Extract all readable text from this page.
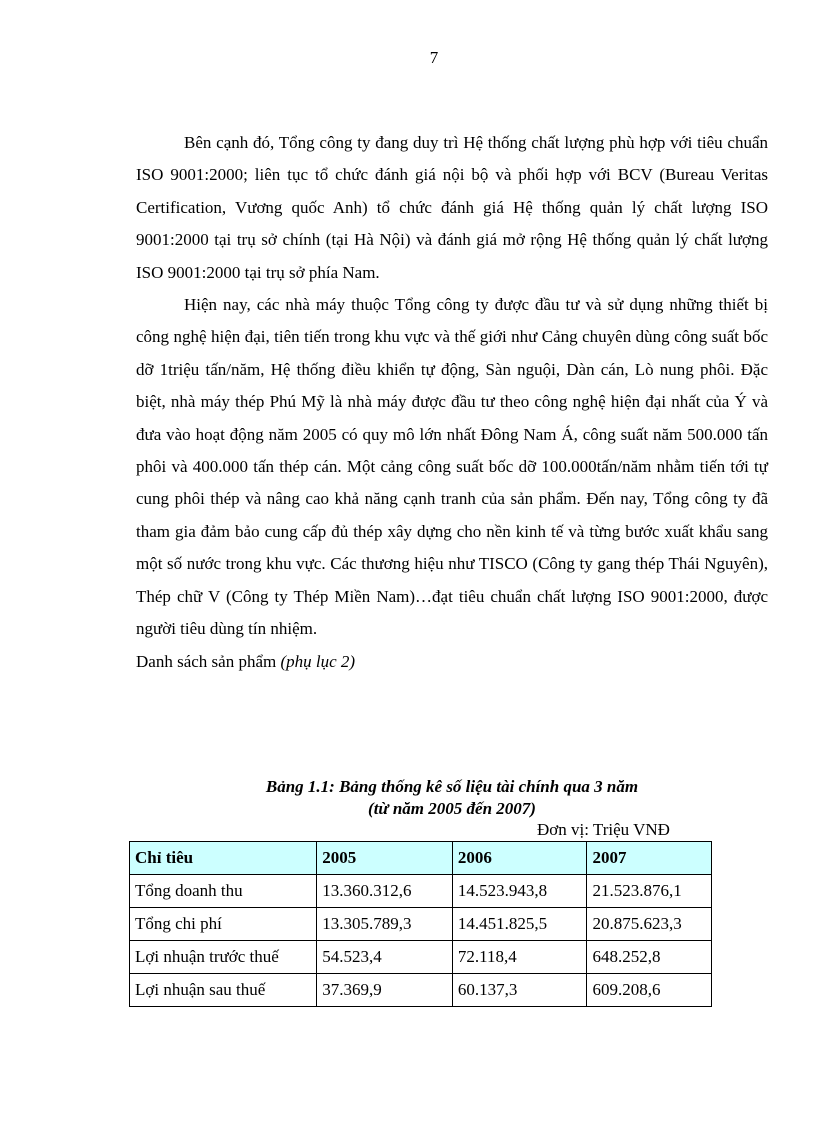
7

Bên cạnh đó, Tổng công ty đang duy trì Hệ thống chất lượng phù hợp với tiêu chuẩn ISO 9001:2000; liên tục tổ chức đánh giá nội bộ và phối hợp với BCV (Bureau Veritas Certification, Vương quốc Anh) tổ chức đánh giá Hệ thống quản lý chất lượng ISO 9001:2000 tại trụ sở chính (tại Hà Nội) và đánh giá mở rộng Hệ thống quản lý chất lượng ISO 9001:2000 tại trụ sở phía Nam.

Hiện nay, các nhà máy thuộc Tổng công ty được đầu tư và sử dụng những thiết bị công nghệ hiện đại, tiên tiến trong khu vực và thế giới như Cảng chuyên dùng công suất bốc dỡ 1triệu tấn/năm, Hệ thống điều khiển tự động, Sàn nguội, Dàn cán, Lò nung phôi. Đặc biệt, nhà máy thép Phú Mỹ là nhà máy được đầu tư theo công nghệ hiện đại nhất của Ý và đưa vào hoạt động năm 2005 có quy mô lớn nhất Đông Nam Á, công suất năm 500.000 tấn phôi và 400.000 tấn thép cán. Một cảng công suất bốc dỡ 100.000tấn/năm nhằm tiến tới tự cung phôi thép và nâng cao khả năng cạnh tranh của sản phẩm. Đến nay, Tổng công ty đã tham gia đảm bảo cung cấp đủ thép xây dựng cho nền kinh tế và từng bước xuất khẩu sang một số nước trong khu vực. Các thương hiệu như TISCO (Công ty gang thép Thái Nguyên), Thép chữ V (Công ty Thép Miền Nam)…đạt tiêu chuẩn chất lượng ISO 9001:2000, được người tiêu dùng tín nhiệm.

Danh sách sản phẩm (phụ lục 2)

Bảng 1.1: Bảng thống kê số liệu tài chính qua 3 năm
(từ năm 2005 đến 2007)
Đơn vị: Triệu VNĐ
Chỉ tiêu	2005	2006	2007
Tổng doanh thu	13.360.312,6	14.523.943,8	21.523.876,1
Tổng chi phí	13.305.789,3	14.451.825,5	20.875.623,3
Lợi nhuận trước thuế	54.523,4	72.118,4	648.252,8
Lợi nhuận sau thuế	37.369,9	60.137,3	609.208,6
